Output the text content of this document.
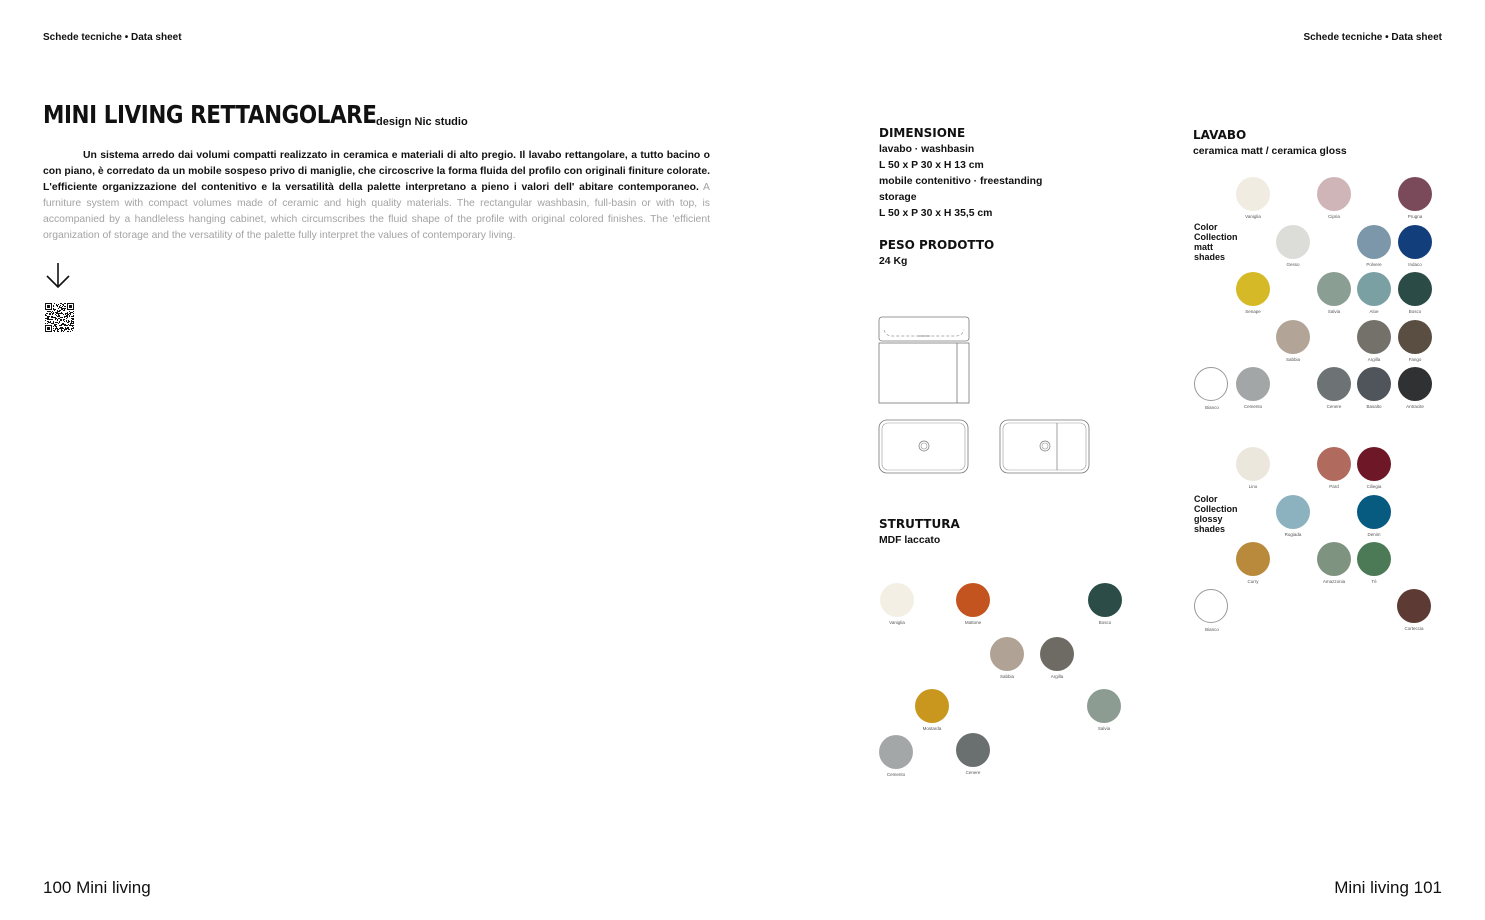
Schede tecniche • Data sheet	Schede tecniche • Data sheet
MINI LIVING RETTANGOLARE design Nic studio
Un sistema arredo dai volumi compatti realizzato in ceramica e materiali di alto pregio. Il lavabo rettangolare, a tutto bacino o con piano, è corredato da un mobile sospeso privo di maniglie, che circoscrive la forma fluida del profilo con originali finiture colorate. L'efficiente organizzazione del contenitivo e la versatilità della palette interpretano a pieno i valori dell' abitare contemporaneo. A furniture system with compact volumes made of ceramic and high quality materials. The rectangular washbasin, full-basin or with top, is accompanied by a handleless hanging cabinet, which circumscribes the fluid shape of the profile with original colored finishes. The 'efficient organization of storage and the versatility of the palette fully interpret the values of contemporary living.
DIMENSIONE
lavabo · washbasin
L 50 x P 30 x H 13 cm
mobile contenitivo · freestanding
storage
L 50 x P 30 x H 35,5 cm
PESO PRODOTTO
24 Kg
STRUTTURA
MDF laccato
Vaniglia	Mattone	Bosco
Sabbia	Argilla
Mostarda	Salvia
Cemento	Cenere
LAVABO
ceramica matt / ceramica gloss
Color
Collection
matt
shades
Color
Collection
glossy
shades
Vaniglia	Cipria	Prugna
Gesso	Polvere	Indaco
Senape	Salvia	Aloe	Bosco
Sabbia	Argilla	Fango
Bianco	Cemento	Cenere	Basalto	Antracite
Lino	Pard	Ciliegia
Rugiada	Denim
Curry	Amazzonia	Tè
Bianco	Corteccia
100 Mini living	Mini living 101
